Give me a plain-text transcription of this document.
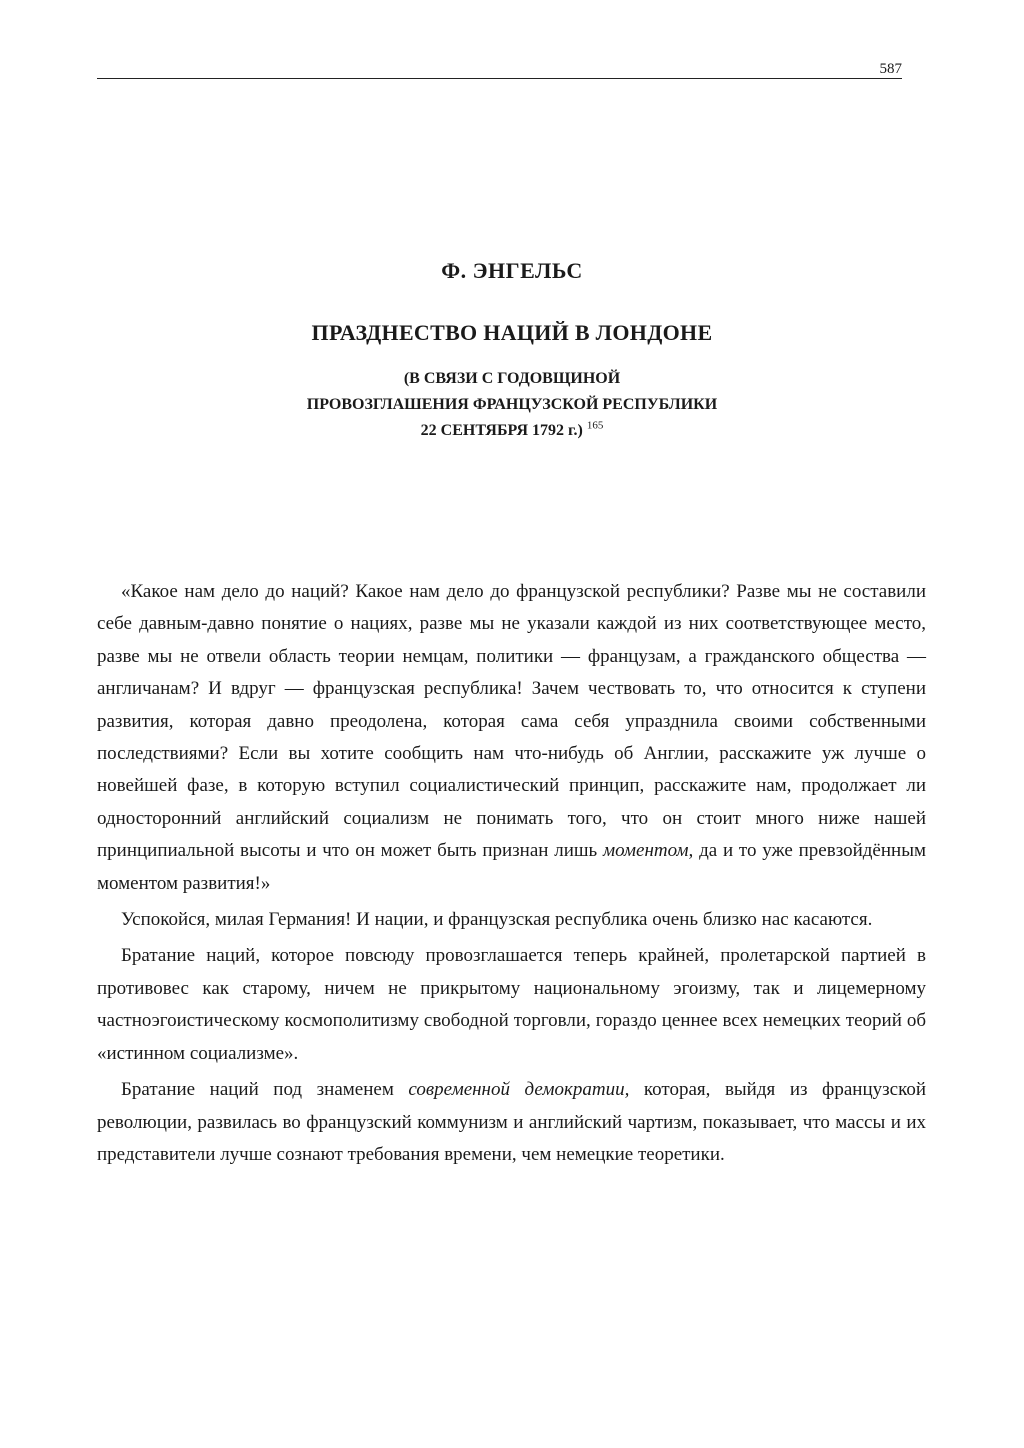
587
Ф. ЭНГЕЛЬС
ПРАЗДНЕСТВО НАЦИЙ В ЛОНДОНЕ
(В СВЯЗИ С ГОДОВЩИНОЙ
ПРОВОЗГЛАШЕНИЯ ФРАНЦУЗСКОЙ РЕСПУБЛИКИ
22 СЕНТЯБРЯ 1792 г.) $^{165}$

«Какое нам дело до наций? Какое нам дело до французской республики? Разве мы не составили себе давным-давно понятие о нациях, разве мы не указали каждой из них соответствующее место, разве мы не отвели область теории немцам, политики — французам, а гражданского общества — англичанам? И вдруг — французская республика! Зачем чествовать то, что относится к ступени развития, которая давно преодолена, которая сама себя упразднила своими собственными последствиями? Если вы хотите сообщить нам что-нибудь об Англии, расскажите уж лучше о новейшей фазе, в которую вступил социалистический принцип, расскажите нам, продолжает ли односторонний английский социализм не понимать того, что он стоит много ниже нашей принципиальной высоты и что он может быть признан лишь моментом, да и то уже превзойдённым моментом развития!»

Успокойся, милая Германия! И нации, и французская республика очень близко нас касаются.

Братание наций, которое повсюду провозглашается теперь крайней, пролетарской партией в противовес как старому, ничем не прикрытому национальному эгоизму, так и лицемерному частноэгоистическому космополитизму свободной торговли, гораздо ценнее всех немецких теорий об «истинном социализме».

Братание наций под знаменем современной демократии, которая, выйдя из французской революции, развилась во французский коммунизм и английский чартизм, показывает, что массы и их представители лучше сознают требования времени, чем немецкие теоретики.
